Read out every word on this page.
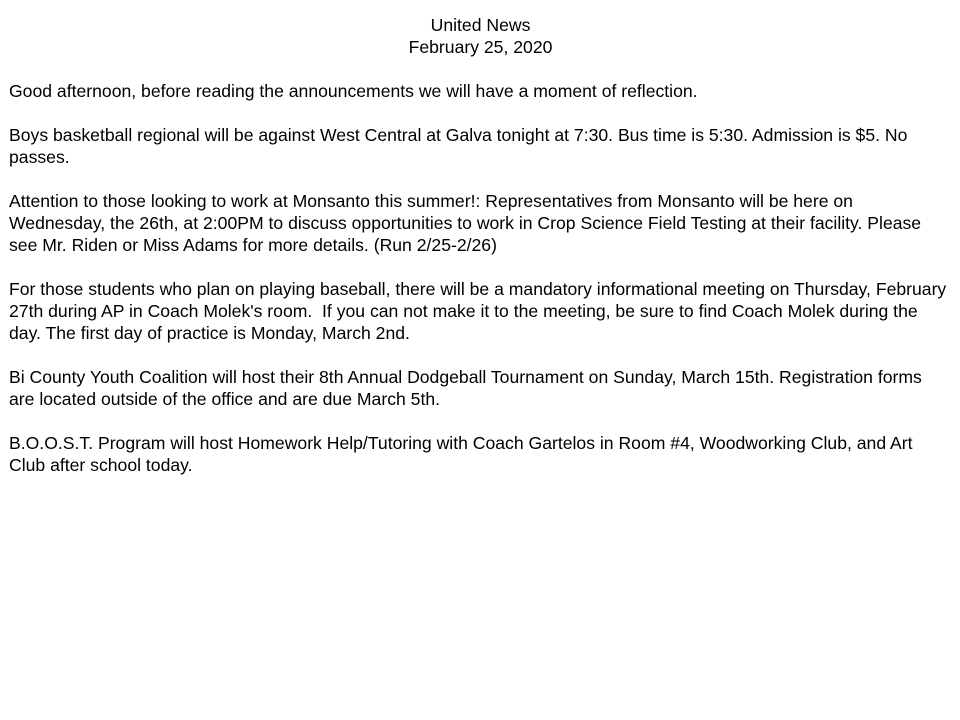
United News
February 25, 2020

Good afternoon, before reading the announcements we will have a moment of reflection.

Boys basketball regional will be against West Central at Galva tonight at 7:30. Bus time is 5:30. Admission is $5. No passes.

Attention to those looking to work at Monsanto this summer!: Representatives from Monsanto will be here on Wednesday, the 26th, at 2:00PM to discuss opportunities to work in Crop Science Field Testing at their facility. Please see Mr. Riden or Miss Adams for more details. (Run 2/25-2/26)

For those students who plan on playing baseball, there will be a mandatory informational meeting on Thursday, February 27th during AP in Coach Molek's room.  If you can not make it to the meeting, be sure to find Coach Molek during the day. The first day of practice is Monday, March 2nd.

Bi County Youth Coalition will host their 8th Annual Dodgeball Tournament on Sunday, March 15th. Registration forms are located outside of the office and are due March 5th.

B.O.O.S.T. Program will host Homework Help/Tutoring with Coach Gartelos in Room #4, Woodworking Club, and Art Club after school today.
